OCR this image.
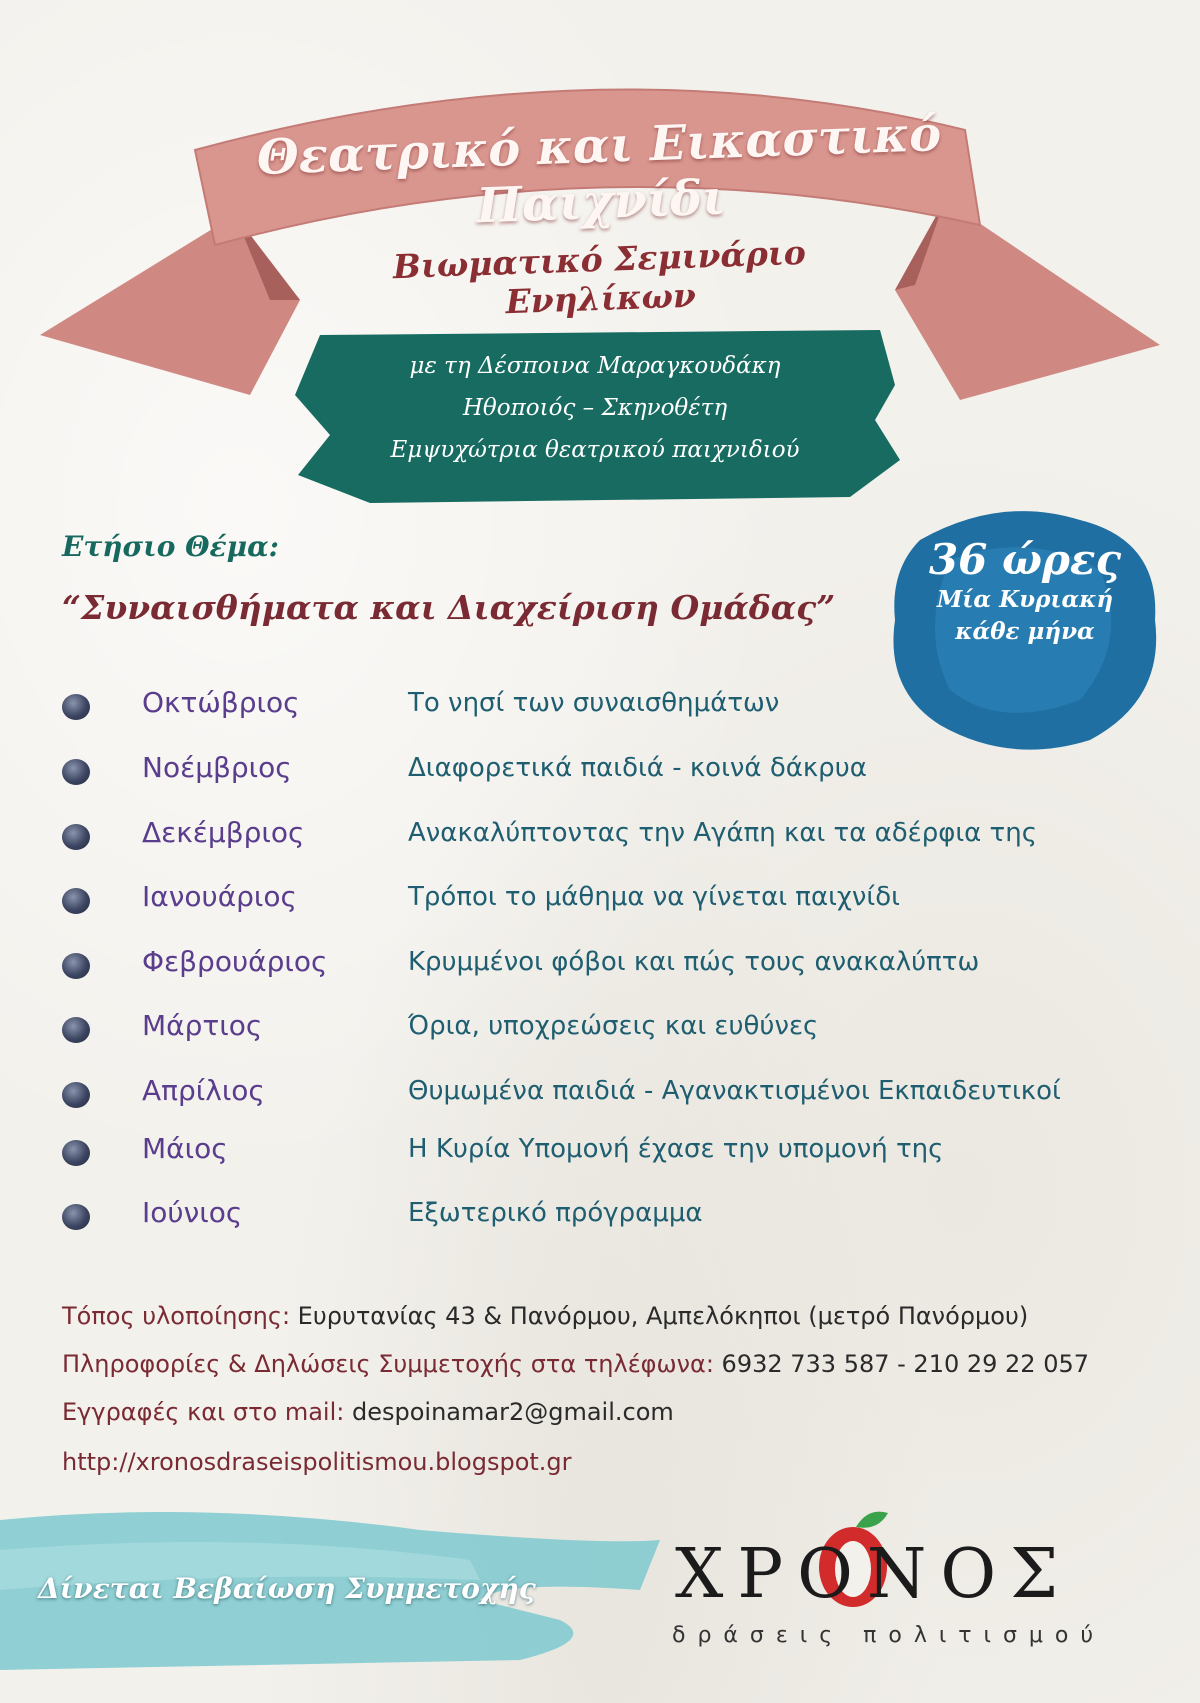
Θεατρικό και Εικαστικό Παιχνίδι
Βιωματικό Σεμινάριο Ενηλίκων
με τη Δέσποινα Μαραγκουδάκη
Ηθοποιός – Σκηνοθέτη
Εμψυχώτρια θεατρικού παιχνιδιού
36 ώρες
Μία Κυριακή
κάθε μήνα
Ετήσιο Θέμα:
“Συναισθήματα και Διαχείριση Ομάδας”
Οκτώβριος	Το νησί των συναισθημάτων
Νοέμβριος	Διαφορετικά παιδιά - κοινά δάκρυα
Δεκέμβριος	Ανακαλύπτοντας την Αγάπη και τα αδέρφια της
Ιανουάριος	Τρόποι το μάθημα να γίνεται παιχνίδι
Φεβρουάριος	Κρυμμένοι φόβοι και πώς τους ανακαλύπτω
Μάρτιος	Όρια, υποχρεώσεις και ευθύνες
Απρίλιος	Θυμωμένα παιδιά - Αγανακτισμένοι Εκπαιδευτικοί
Μάιος	Η Κυρία Υπομονή έχασε την υπομονή της
Ιούνιος	Εξωτερικό πρόγραμμα
Τόπος υλοποίησης: Ευρυτανίας 43 & Πανόρμου, Αμπελόκηποι (μετρό Πανόρμου)
Πληροφορίες & Δηλώσεις Συμμετοχής στα τηλέφωνα: 6932 733 587 - 210 29 22 057
Εγγραφές και στο mail: despoinamar2@gmail.com
http://xronosdraseispolitismou.blogspot.gr
Δίνεται Βεβαίωση Συμμετοχής ΧΡΟΝΟΣ
δράσεις πολιτισμού
